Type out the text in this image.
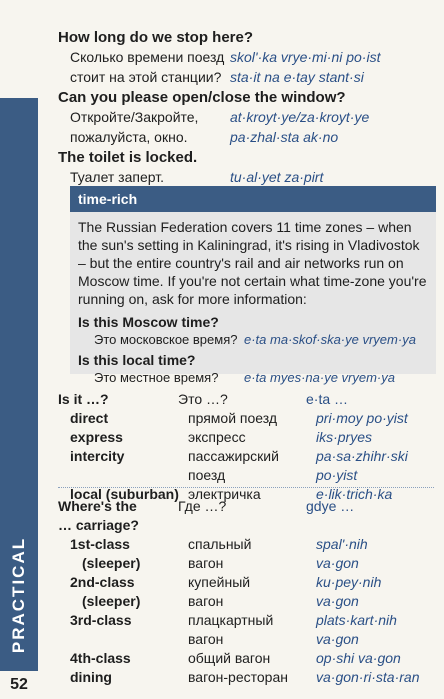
PRACTICAL
52

How long do we stop here?

Сколько времени поезд skol'·ka vrye·mi·ni po·ist
стоит на этой станции? sta·it na e·tay stant·si

Can you please open/close the window?

Откройте/Закройте,	at·kroyt·ye/za·kroyt·ye
пожалуйста, окно.	pa·zhal·sta ak·no

The toilet is locked.

Туалет заперт.	tu·al·yet za·pirt
time-rich

The Russian Federation covers 11 time zones – when the sun's setting in Kaliningrad, it's rising in Vladivostok – but the entire country's rail and air networks run on Moscow time. If you're not certain what time-zone you're running on, ask for more information:

Is this Moscow time?

Это московское время? e·ta ma·skof·ska·ye vryem·ya

Is this local time?

Это местное время?	e·ta myes·na·ye vryem·ya
Is it …?	Это …?	e·ta …
direct	прямой поезд	pri·moy po·yist
express	экспресс	iks·pryes
intercity	пассажирский	pa·sa·zhihr·ski
поезд	po·yist
local (suburban) электричка	e·lik·trich·ka
Where's the	Где …?	gdye …
… carriage?
1st-class	спальный	spal'·nih
(sleeper)	вагон	va·gon
2nd-class	купейный	ku·pey·nih
(sleeper)	вагон	va·gon
3rd-class	плацкартный	plats·kart·nih
вагон	va·gon
4th-class	общий вагон	op·shi va·gon
dining	вагон-ресторан	va·gon·ri·sta·ran
